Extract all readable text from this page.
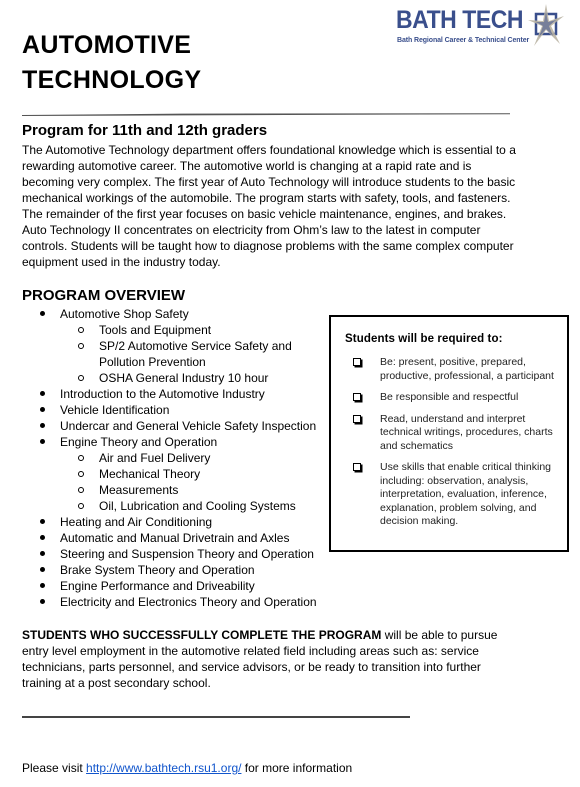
BATH TECH
Bath Regional Career & Technical Center
AUTOMOTIVE
TECHNOLOGY
Program for 11th and 12th graders

The Automotive Technology department offers foundational knowledge which is essential to a rewarding automotive career. The automotive world is changing at a rapid rate and is becoming very complex. The first year of Auto Technology will introduce students to the basic mechanical workings of the automobile. The program starts with safety, tools, and fasteners. The remainder of the first year focuses on basic vehicle maintenance, engines, and brakes. Auto Technology II concentrates on electricity from Ohm’s law to the latest in computer controls. Students will be taught how to diagnose problems with the same complex computer equipment used in the industry today.

PROGRAM OVERVIEW
Automotive Shop Safety
Tools and Equipment
SP/2 Automotive Service Safety and Pollution Prevention
OSHA General Industry 10 hour
Introduction to the Automotive Industry
Vehicle Identification
Undercar and General Vehicle Safety Inspection
Engine Theory and Operation
Air and Fuel Delivery
Mechanical Theory
Measurements
Oil, Lubrication and Cooling Systems
Heating and Air Conditioning
Automatic and Manual Drivetrain and Axles
Steering and Suspension Theory and Operation
Brake System Theory and Operation
Engine Performance and Driveability
Electricity and Electronics Theory and Operation

Students will be required to:

Be: present, positive, prepared, productive, professional, a participant
Be responsible and respectful
Read, understand and interpret technical writings, procedures, charts and schematics
Use skills that enable critical thinking including: observation, analysis, interpretation, evaluation, inference, explanation, problem solving, and decision making.

STUDENTS WHO SUCCESSFULLY COMPLETE THE PROGRAM will be able to pursue entry level employment in the automotive related field including areas such as: service technicians, parts personnel, and service advisors, or be ready to transition into further training at a post secondary school.

Please visit http://www.bathtech.rsu1.org/ for more information
